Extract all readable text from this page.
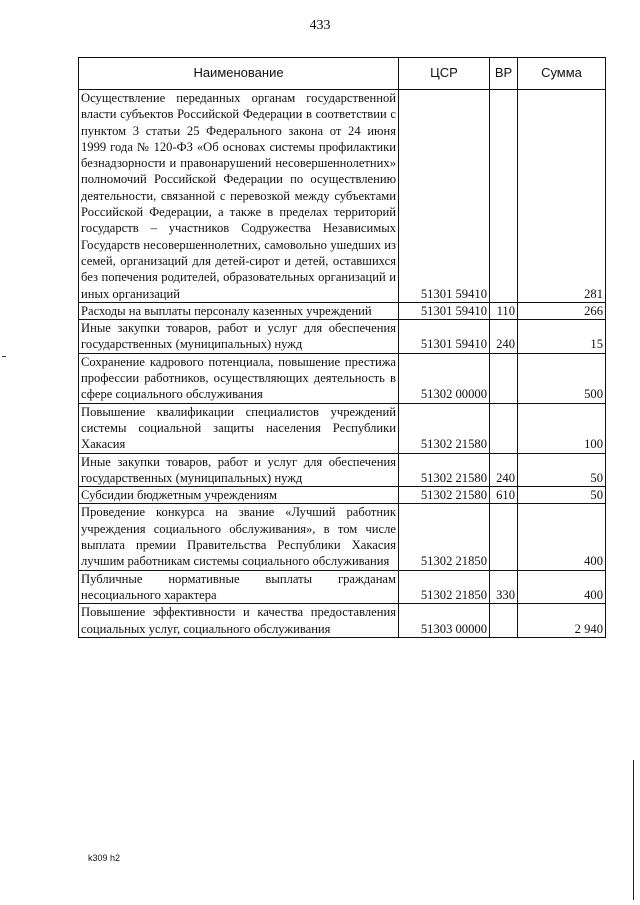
433
Наименование	ЦСР	ВР	Сумма
Осуществление переданных органам государственной власти субъектов Российской Федерации в соответствии с пунктом 3 статьи 25 Федерального закона от 24 июня 1999 года № 120-ФЗ «Об основах системы профилактики безнадзорности и правонарушений несовершеннолетних» полномочий Российской Федерации по осуществлению деятельности, связанной с перевозкой между субъектами Российской Федерации, а также в пределах территорий государств – участников Содружества Независимых Государств несовершеннолетних, самовольно ушедших из семей, организаций для детей-сирот и детей, оставшихся без попечения родителей, образовательных организаций и иных организаций	51301 59410		281
Расходы на выплаты персоналу казенных учреждений	51301 59410	110	266
Иные закупки товаров, работ и услуг для обеспечения государственных (муниципальных) нужд	51301 59410	240	15
Сохранение кадрового потенциала, повышение престижа профессии работников, осуществляющих деятельность в сфере социального обслуживания	51302 00000		500
Повышение квалификации специалистов учреждений системы социальной защиты населения Республики Хакасия	51302 21580		100
Иные закупки товаров, работ и услуг для обеспечения государственных (муниципальных) нужд	51302 21580	240	50
Субсидии бюджетным учреждениям	51302 21580	610	50
Проведение конкурса на звание «Лучший работник учреждения социального обслуживания», в том числе выплата премии Правительства Республики Хакасия лучшим работникам системы социального обслуживания	51302 21850		400
Публичные нормативные выплаты гражданам несоциального характера	51302 21850	330	400
Повышение эффективности и качества предоставления социальных услуг, социального обслуживания	51303 00000		2 940
k309 h2
